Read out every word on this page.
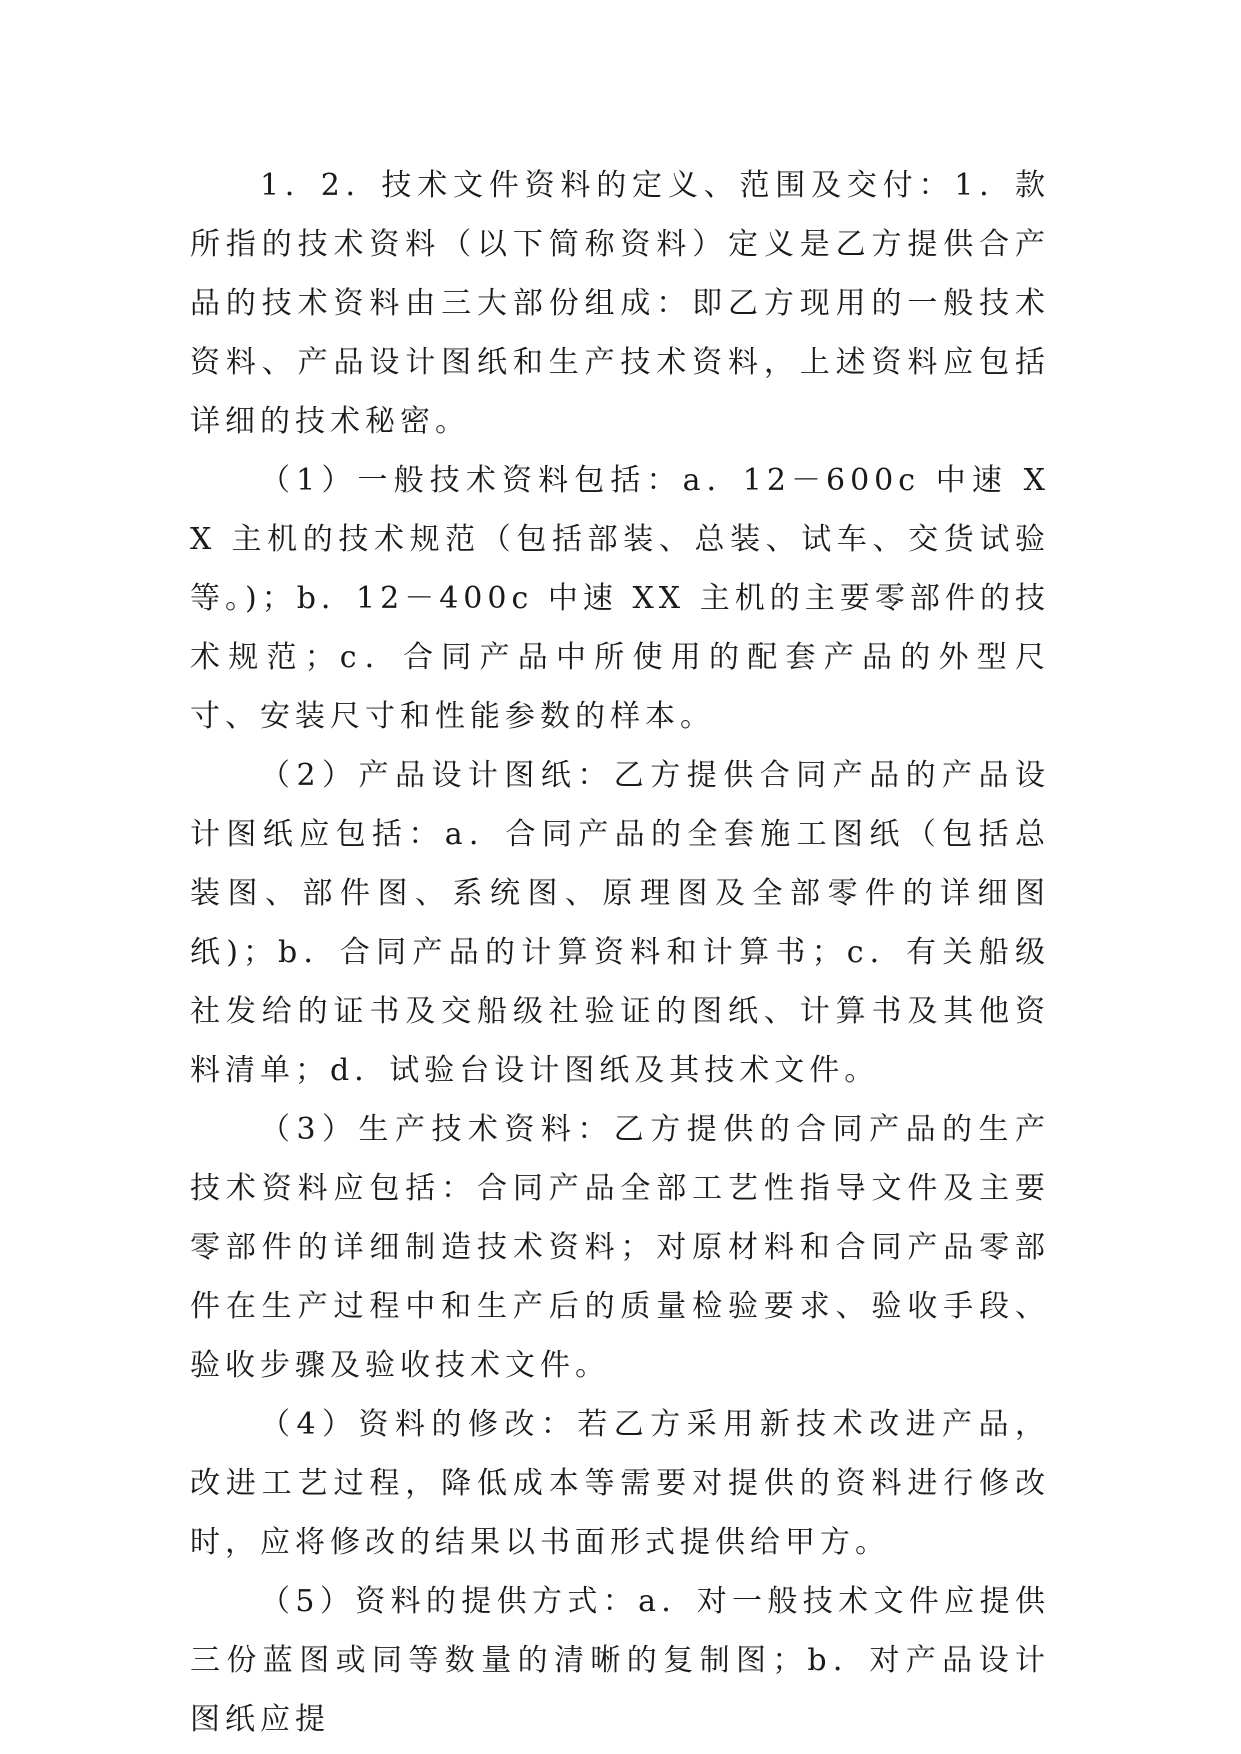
1．2．技术文件资料的定义、范围及交付：1．款所指的技术资料（以下简称资料）定义是乙方提供合产品的技术资料由三大部份组成：即乙方现用的一般技术资料、产品设计图纸和生产技术资料，上述资料应包括详细的技术秘密。

（1）一般技术资料包括：a．12－600c 中速 XX 主机的技术规范（包括部装、总装、试车、交货试验等。)；b．12－400c 中速 XX 主机的主要零部件的技术规范；c．合同产品中所使用的配套产品的外型尺寸、安装尺寸和性能参数的样本。

（2）产品设计图纸：乙方提供合同产品的产品设计图纸应包括：a．合同产品的全套施工图纸（包括总装图、部件图、系统图、原理图及全部零件的详细图纸)；b．合同产品的计算资料和计算书；c．有关船级社发给的证书及交船级社验证的图纸、计算书及其他资料清单；d．试验台设计图纸及其技术文件。

（3）生产技术资料：乙方提供的合同产品的生产技术资料应包括：合同产品全部工艺性指导文件及主要零部件的详细制造技术资料；对原材料和合同产品零部件在生产过程中和生产后的质量检验要求、验收手段、验收步骤及验收技术文件。

（4）资料的修改：若乙方采用新技术改进产品，改进工艺过程，降低成本等需要对提供的资料进行修改时，应将修改的结果以书面形式提供给甲方。

（5）资料的提供方式：a．对一般技术文件应提供三份蓝图或同等数量的清晰的复制图；b．对产品设计图纸应提
